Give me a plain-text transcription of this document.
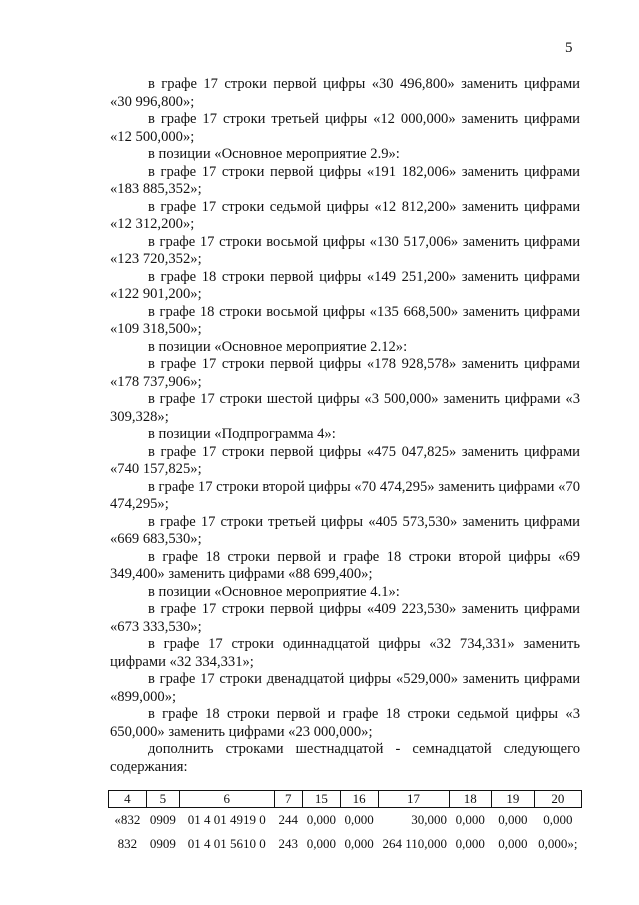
5

в графе 17 строки первой цифры «30 496,800» заменить цифрами «30 996,800»;

в графе 17 строки третьей цифры «12 000,000» заменить цифрами «12 500,000»;

в позиции «Основное мероприятие 2.9»:

в графе 17 строки первой цифры «191 182,006» заменить цифрами «183 885,352»;

в графе 17 строки седьмой цифры «12 812,200» заменить цифрами «12 312,200»;

в графе 17 строки восьмой цифры «130 517,006» заменить цифрами «123 720,352»;

в графе 18 строки первой цифры «149 251,200» заменить цифрами «122 901,200»;

в графе 18 строки восьмой цифры «135 668,500» заменить цифрами «109 318,500»;

в позиции «Основное мероприятие 2.12»:

в графе 17 строки первой цифры «178 928,578» заменить цифрами «178 737,906»;

в графе 17 строки шестой цифры «3 500,000» заменить цифрами «3 309,328»;

в позиции «Подпрограмма 4»:

в графе 17 строки первой цифры «475 047,825» заменить цифрами «740 157,825»;

в графе 17 строки второй цифры «70 474,295» заменить цифрами «70 474,295»;

в графе 17 строки третьей цифры «405 573,530» заменить цифрами «669 683,530»;

в графе 18 строки первой и графе 18 строки второй цифры «69 349,400» заменить цифрами «88 699,400»;

в позиции «Основное мероприятие 4.1»:

в графе 17 строки первой цифры «409 223,530» заменить цифрами «673 333,530»;

в графе 17 строки одиннадцатой цифры «32 734,331» заменить цифрами «32 334,331»;

в графе 17 строки двенадцатой цифры «529,000» заменить цифрами «899,000»;

в графе 18 строки первой и графе 18 строки седьмой цифры «3 650,000» заменить цифрами «23 000,000»;

дополнить строками шестнадцатой - семнадцатой следующего содержания:

4	5	6	7	15	16	17	18	19	20
«832	0909	01 4 01 4919 0	244	0,000	0,000	30,000	0,000	0,000	0,000
832	0909	01 4 01 5610 0	243	0,000	0,000	264 110,000	0,000	0,000	0,000»;
